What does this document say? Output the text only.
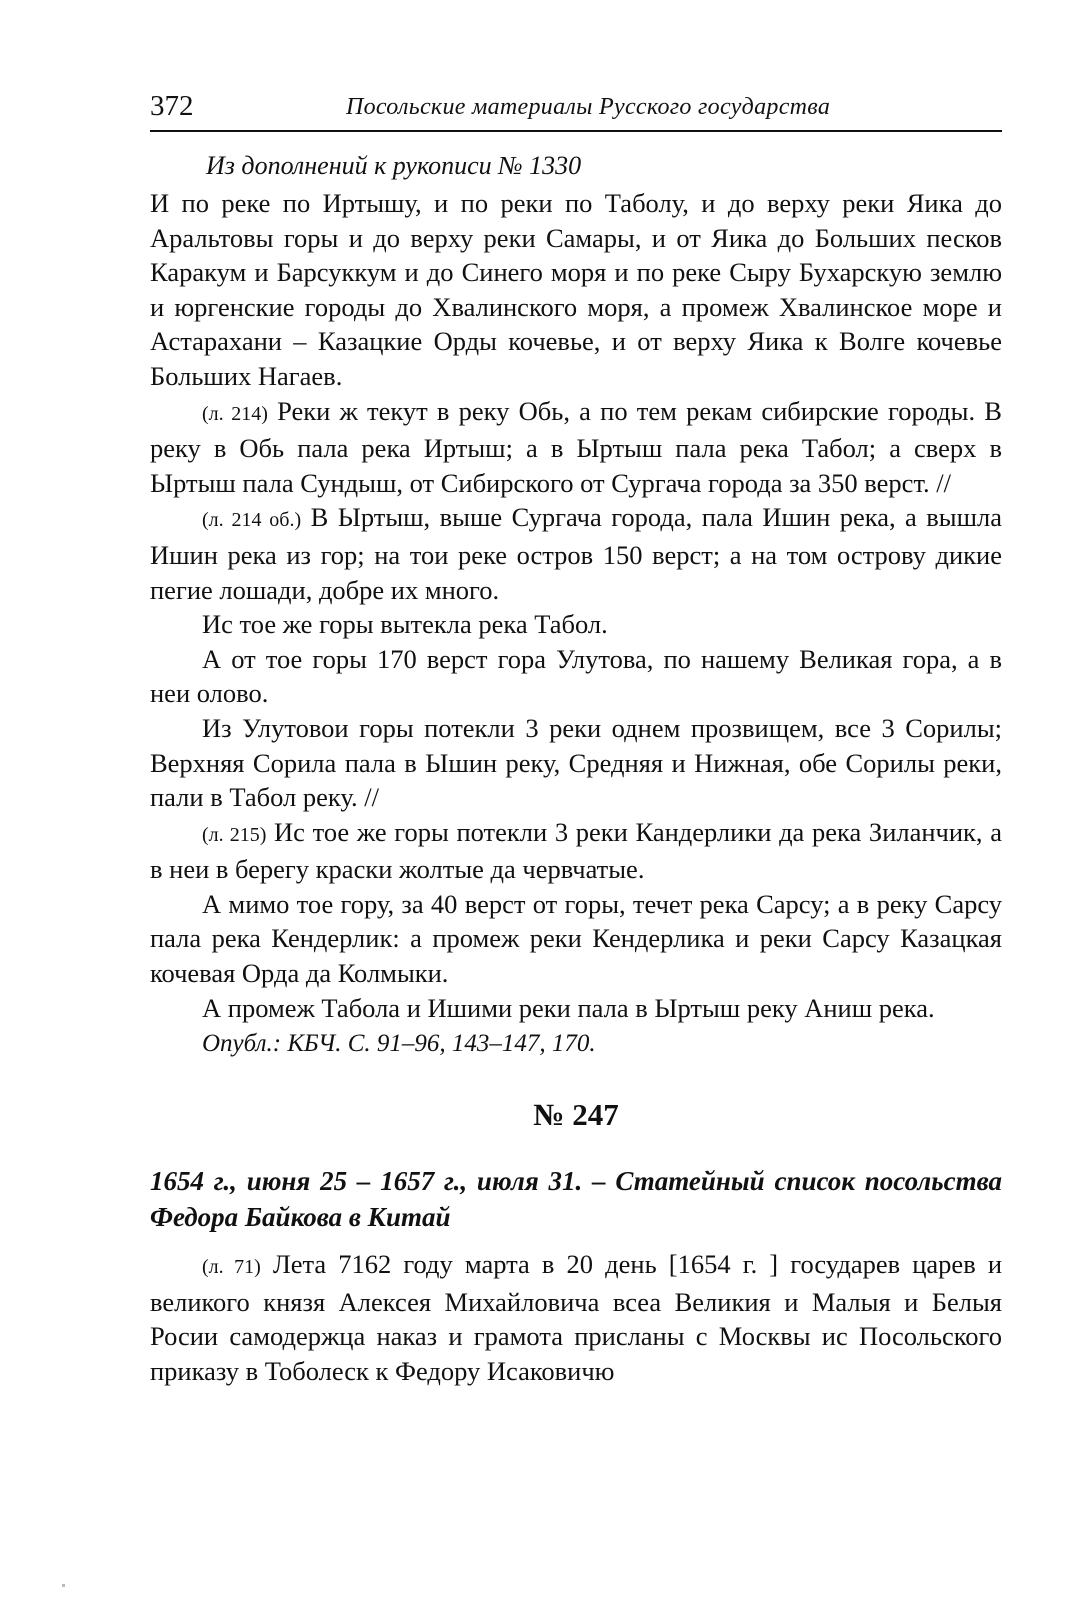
372	Посольские материалы Русского государства
Из дополнений к рукописи № 1330

И по реке по Иртышу, и по реки по Таболу, и до верху реки Яика до Аральтовы горы и до верху реки Самары, и от Яика до Больших песков Каракум и Барсуккум и до Синего моря и по реке Сыру Бухарскую землю и юргенские городы до Хвалинского моря, а промеж Хвалинское море и Астарахани – Казацкие Орды кочевье, и от верху Яика к Волге кочевье Больших Нагаев.

(л. 214) Реки ж текут в реку Обь, а по тем рекам сибирские городы. В реку в Обь пала река Иртыш; а в Ыртыш пала река Табол; а сверх в Ыртыш пала Сундыш, от Сибирского от Сургача города за 350 верст. //

(л. 214 об.) В Ыртыш, выше Сургача города, пала Ишин река, а вышла Ишин река из гор; на тои реке остров 150 верст; а на том острову дикие пегие лошади, добре их много.

Ис тое же горы вытекла река Табол.

А от тое горы 170 верст гора Улутова, по нашему Великая гора, а в неи олово.

Из Улутовои горы потекли 3 реки однем прозвищем, все 3 Сорилы; Верхняя Сорила пала в Ышин реку, Средняя и Нижная, обе Сорилы реки, пали в Табол реку. //

(л. 215) Ис тое же горы потекли 3 реки Кандерлики да река Зиланчик, а в неи в берегу краски жолтые да червчатые.

А мимо тое гору, за 40 верст от горы, течет река Сарсу; а в реку Сарсу пала река Кендерлик: а промеж реки Кендерлика и реки Сарсу Казацкая кочевая Орда да Колмыки.

А промеж Табола и Ишими реки пала в Ыртыш реку Аниш река.

Опубл.: КБЧ. С. 91–96, 143–147, 170.
№ 247
1654 г., июня 25 – 1657 г., июля 31. – Статейный список посольства Федора Байкова в Китай

(л. 71) Лета 7162 году марта в 20 день [1654 г. ] государев царев и великого князя Алексея Михайловича всеа Великия и Малыя и Белыя Росии самодержца наказ и грамота присланы с Москвы ис Посольского приказу в Тоболеск к Федору Исаковичю
